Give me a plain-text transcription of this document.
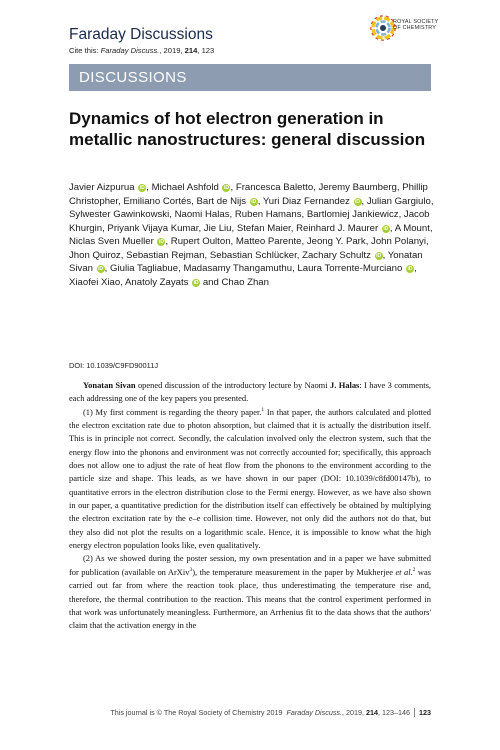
Faraday Discussions
Cite this: Faraday Discuss., 2019, 214, 123
ROYAL SOCIETY
OF CHEMISTRY
DISCUSSIONS
Dynamics of hot electron generation in metallic nanostructures: general discussion
Javier Aizpurua iD , Michael Ashfold iD , Francesca Baletto, Jeremy Baumberg, Phillip Christopher, Emiliano Cortés, Bart de Nijs iD , Yuri Diaz Fernandez iD , Julian Gargiulo, Sylwester Gawinkowski, Naomi Halas, Ruben Hamans, Bartlomiej Jankiewicz, Jacob Khurgin, Priyank Vijaya Kumar, Jie Liu, Stefan Maier, Reinhard J. Maurer iD , A Mount, Niclas Sven Mueller iD , Rupert Oulton, Matteo Parente, Jeong Y. Park, John Polanyi, Jhon Quiroz, Sebastian Rejman, Sebastian Schlücker, Zachary Schultz iD , Yonatan Sivan iD , Giulia Tagliabue, Madasamy Thangamuthu, Laura Torrente-Murciano iD , Xiaofei Xiao, Anatoly Zayats iD and Chao Zhan
DOI: 10.1039/C9FD90011J

Yonatan Sivan opened discussion of the introductory lecture by Naomi J. Halas: I have 3 comments, each addressing one of the key papers you presented.

(1) My first comment is regarding the theory paper.$^1$ In that paper, the authors calculated and plotted the electron excitation rate due to photon absorption, but claimed that it is actually the distribution itself. This is in principle not correct. Secondly, the calculation involved only the electron system, such that the energy flow into the phonons and environment was not correctly accounted for; specifically, this approach does not allow one to adjust the rate of heat flow from the phonons to the environment according to the particle size and shape. This leads, as we have shown in our paper (DOI: 10.1039/c8fd00147b), to quantitative errors in the electron distribution close to the Fermi energy. However, as we have also shown in our paper, a quantitative prediction for the distribution itself can effectively be obtained by multiplying the electron excitation rate by the e–e collision time. However, not only did the authors not do that, but they also did not plot the results on a logarithmic scale. Hence, it is impossible to know what the high energy electron population looks like, even qualitatively.

(2) As we showed during the poster session, my own presentation and in a paper we have submitted for publication (available on ArXiv$^3$), the temperature measurement in the paper by Mukherjee et al.$^2$ was carried out far from where the reaction took place, thus underestimating the temperature rise and, therefore, the thermal contribution to the reaction. This means that the control experiment performed in that work was unfortunately meaningless. Furthermore, an Arrhenius fit to the data shows that the authors' claim that the activation energy in the

This journal is © The Royal Society of Chemistry 2019 Faraday Discuss., 2019, 214, 123–146 123
